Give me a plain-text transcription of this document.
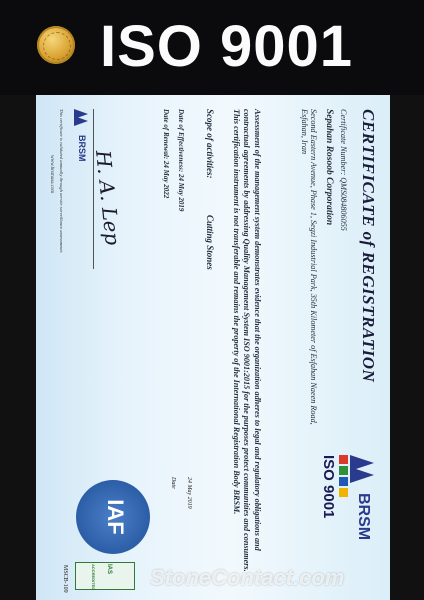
ISO 9001
CERTIFICATE of REGISTRATION
BRSM
ISO 9001
Certificate Number: QMS084806055
Sepahan Rosoob Corporation
Second Eastern Avenue, Phase 1, Segzi Industrial Park, 35th Kilometer of Esfahan Naeen Road, Esfahan, Iran
Assessment of the management system demonstrates evidence that the organization adheres to legal and regulatory obligations and contractual agreements by addressing Quality Management System ISO 9001:2015 for the purposes protect communities and consumers. This certification instrument is not transferable and remains the property of the International Registration Body BRSM.
Scope of activities:
Cutting Stones
Date of Effectiveness: 24 May 2019
Date of Renewal: 24 May 2022
24 May 2019
Date
H. A. Lep
BRSM
www.brsmusa.com This certificate is validated annually through on-site surveillance assessments
IAF
IAS
ACCREDITED
MSCB-109	StoneContact.com
